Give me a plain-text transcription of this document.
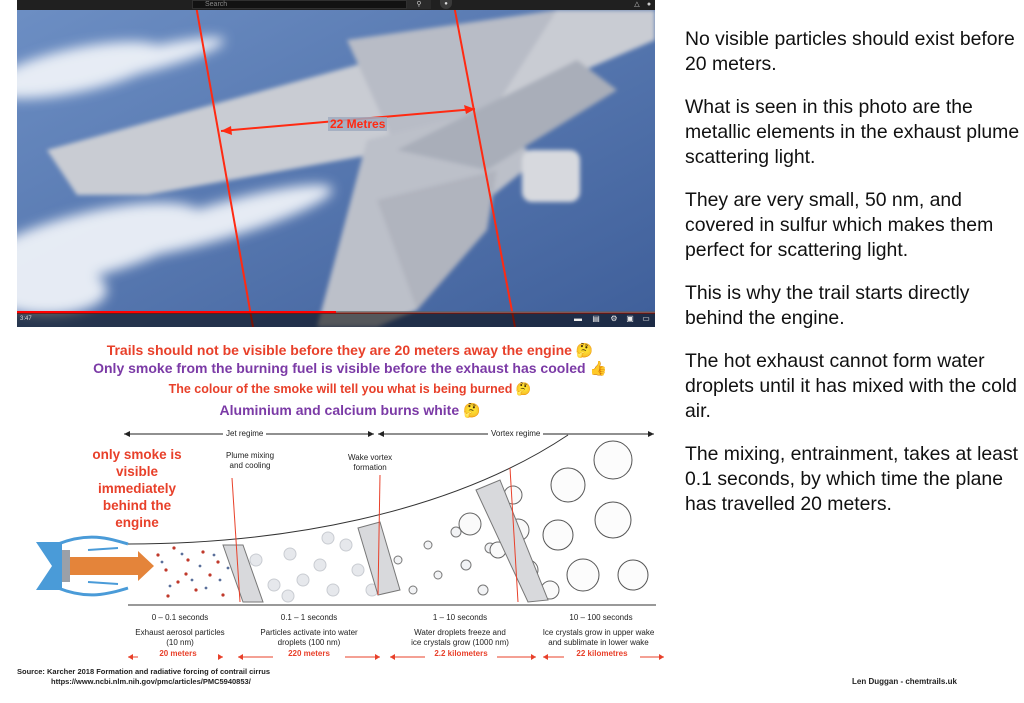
Search	⚲	●	△	●
22 Metres
3:47	▬ ▤ ⚙ ▣ ▭
Trails should not be visible before they are 20 meters away the engine 🤔
Only smoke from the burning fuel is visible before the exhaust has cooled 👍
The colour of the smoke will tell you what is being burned 🤔
Aluminium and calcium burns white 🤔
Jet regime	Vortex regime
Plume mixing
and cooling
Wake vortex
formation
0 – 0.1 seconds
Exhaust aerosol particles
(10 nm)
20 meters
0.1 – 1 seconds
Particles activate into water
droplets (100 nm)
220 meters
1 – 10 seconds
Water droplets freeze and
ice crystals grow (1000 nm)
2.2 kilometers
10 – 100 seconds
Ice crystals grow in upper wake
and sublimate in lower wake
22 kilometres
only smoke is visible immediately behind the engine

No visible particles should exist before 20 meters.

What is seen in this photo are the metallic elements in the exhaust plume scattering light.

They are very small, 50 nm, and covered in sulfur which makes them perfect for scattering light.

This is why the trail starts directly behind the engine.

The hot exhaust cannot form water droplets until it has mixed with the cold air.

The mixing, entrainment, takes at least 0.1 seconds, by which time the plane has travelled 20 meters.

Source: Karcher 2018 Formation and radiative forcing of contrail cirrus
https://www.ncbi.nlm.nih.gov/pmc/articles/PMC5940853/	Len Duggan - chemtrails.uk
